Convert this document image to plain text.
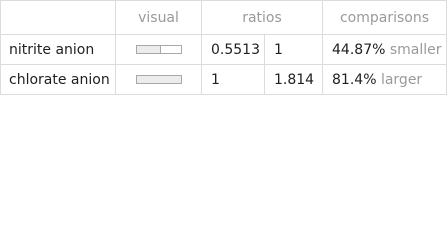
	visual	ratios		comparisons
nitrite anion		0.5513	1	44.87% smaller
chlorate anion		1	1.814	81.4% larger
